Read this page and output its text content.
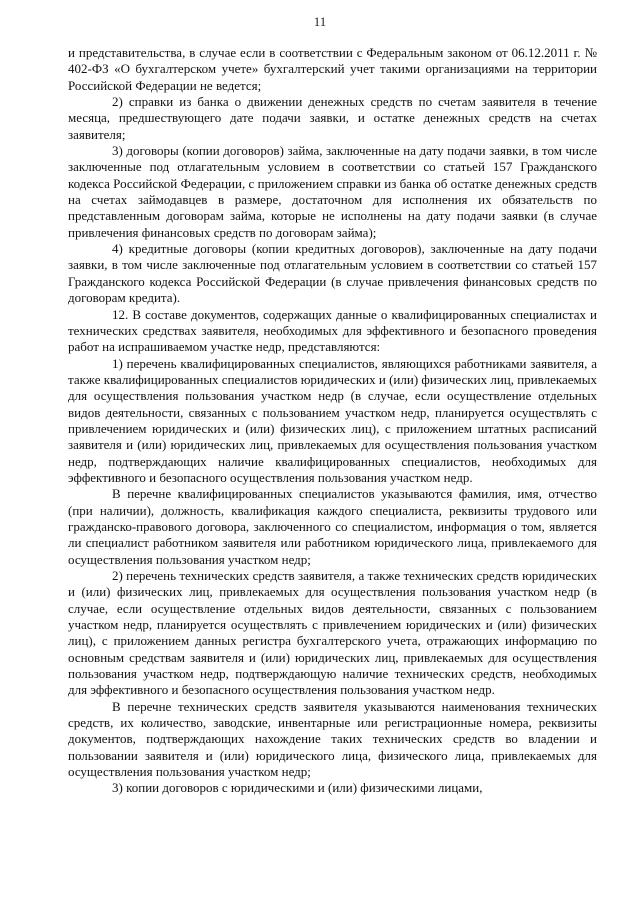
11

и представительства, в случае если в соответствии с Федеральным законом от 06.12.2011 г. № 402-ФЗ «О бухгалтерском учете» бухгалтерский учет такими организациями на территории Российской Федерации не ведется;

2) справки из банка о движении денежных средств по счетам заявителя в течение месяца, предшествующего дате подачи заявки, и остатке денежных средств на счетах заявителя;

3) договоры (копии договоров) займа, заключенные на дату подачи заявки, в том числе заключенные под отлагательным условием в соответствии со статьей 157 Гражданского кодекса Российской Федерации, с приложением справки из банка об остатке денежных средств на счетах займодавцев в размере, достаточном для исполнения их обязательств по представленным договорам займа, которые не исполнены на дату подачи заявки (в случае привлечения финансовых средств по договорам займа);

4) кредитные договоры (копии кредитных договоров), заключенные на дату подачи заявки, в том числе заключенные под отлагательным условием в соответствии со статьей 157 Гражданского кодекса Российской Федерации (в случае привлечения финансовых средств по договорам кредита).

12. В составе документов, содержащих данные о квалифицированных специалистах и технических средствах заявителя, необходимых для эффективного и безопасного проведения работ на испрашиваемом участке недр, представляются:

1) перечень квалифицированных специалистов, являющихся работниками заявителя, а также квалифицированных специалистов юридических и (или) физических лиц, привлекаемых для осуществления пользования участком недр (в случае, если осуществление отдельных видов деятельности, связанных с пользованием участком недр, планируется осуществлять с привлечением юридических и (или) физических лиц), с приложением штатных расписаний заявителя и (или) юридических лиц, привлекаемых для осуществления пользования участком недр, подтверждающих наличие квалифицированных специалистов, необходимых для эффективного и безопасного осуществления пользования участком недр.

В перечне квалифицированных специалистов указываются фамилия, имя, отчество (при наличии), должность, квалификация каждого специалиста, реквизиты трудового или гражданско-правового договора, заключенного со специалистом, информация о том, является ли специалист работником заявителя или работником юридического лица, привлекаемого для осуществления пользования участком недр;

2) перечень технических средств заявителя, а также технических средств юридических и (или) физических лиц, привлекаемых для осуществления пользования участком недр (в случае, если осуществление отдельных видов деятельности, связанных с пользованием участком недр, планируется осуществлять с привлечением юридических и (или) физических лиц), с приложением данных регистра бухгалтерского учета, отражающих информацию по основным средствам заявителя и (или) юридических лиц, привлекаемых для осуществления пользования участком недр, подтверждающую наличие технических средств, необходимых для эффективного и безопасного осуществления пользования участком недр.

В перечне технических средств заявителя указываются наименования технических средств, их количество, заводские, инвентарные или регистрационные номера, реквизиты документов, подтверждающих нахождение таких технических средств во владении и пользовании заявителя и (или) юридического лица, физического лица, привлекаемых для осуществления пользования участком недр;

3) копии договоров с юридическими и (или) физическими лицами,
